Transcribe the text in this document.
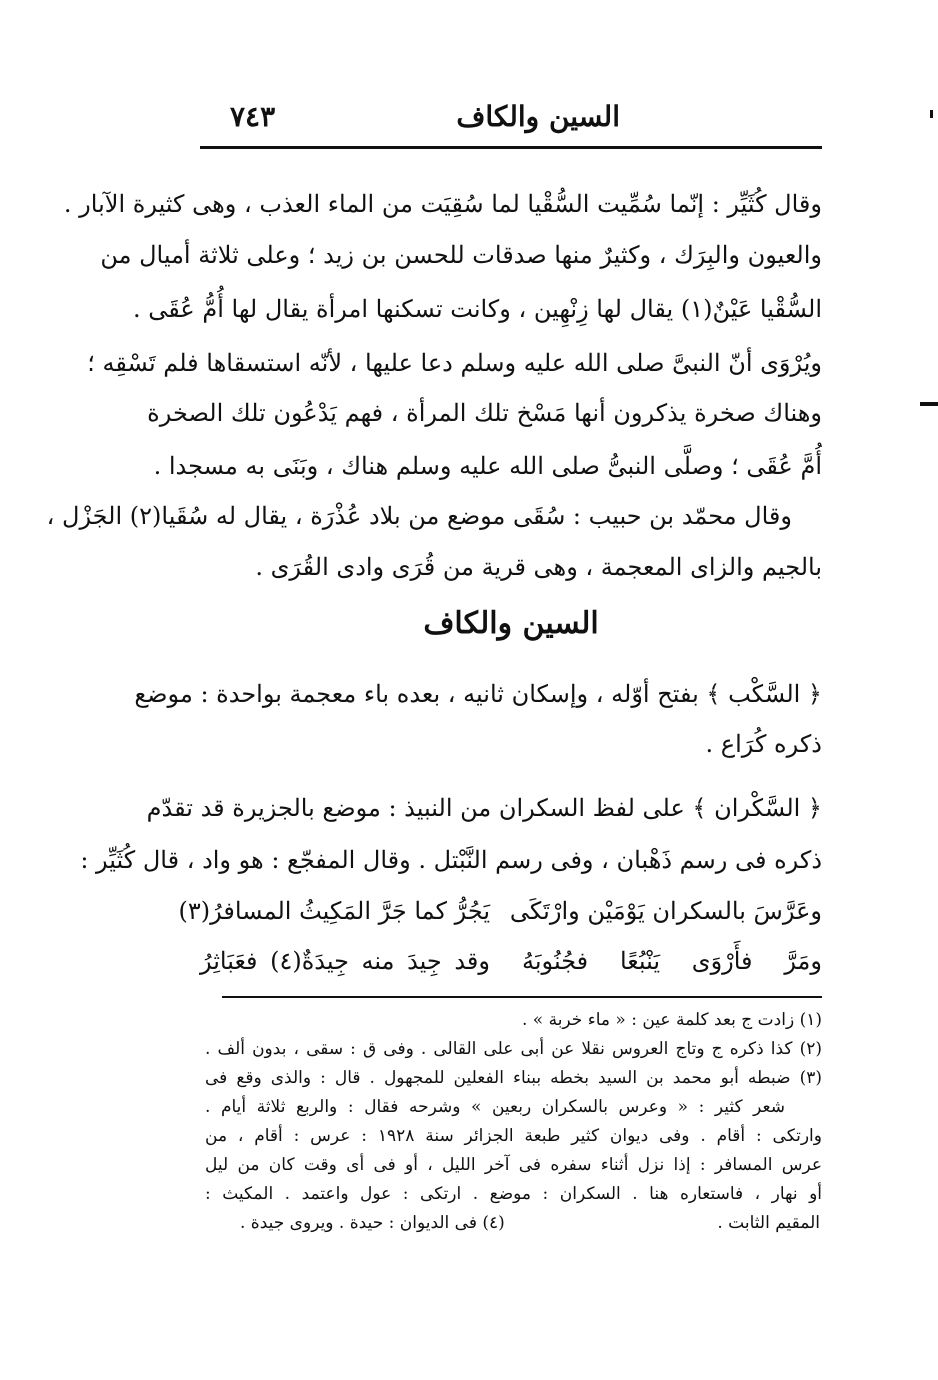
السين والكاف
٧٤٣
وقال كُثَيِّر : إنّما سُمِّيت السُّقْيا لما سُقِيَت من الماء العذب ، وهى كثيرة الآبار .
والعيون والبِرَك ، وكثيرٌ منها صدقات للحسن بن زيد ؛ وعلى ثلاثة أميال من
السُّقْيا عَيْنٌ(١) يقال لها زِنْهِين ، وكانت تسكنها امرأة يقال لها أُمُّ عُقَى .
ويُرْوَى أنّ النبىَّ صلى الله عليه وسلم دعا عليها ، لأنّه استسقاها فلم تَسْقِه ؛
وهناك صخرة يذكرون أنها مَسْخ تلك المرأة ، فهم يَدْعُون تلك الصخرة
أُمَّ عُقَى ؛ وصلَّى النبىُّ صلى الله عليه وسلم هناك ، وبَنَى به مسجدا .
وقال محمّد بن حبيب : سُقَى موضع من بلاد عُذْرَة ، يقال له سُقَيا(٢) الجَزْل ،
بالجيم والزاى المعجمة ، وهى قرية من قُرَى وادى القُرَى .
السين والكاف
﴿ السَّكْب ﴾ بفتح أوّله ، وإسكان ثانيه ، بعده باء معجمة بواحدة : موضع
ذكره كُرَاع .
﴿ السَّكْران ﴾ على لفظ السكران من النبيذ : موضع بالجزيرة قد تقدّم
ذكره فى رسم ذَهْبان ، وفى رسم النَّبْتل . وقال المفجّع : هو واد ، قال كُثَيِّر :
وعَرَّسَ بالسكران يَوْمَيْن وارْتَكَى
يَجُرُّ كما جَرَّ المَكِيثُ المسافرُ(٣)
ومَرَّ فأَرْوَى يَنْبُعًا فجُنُوبَهُ
وقد جِيدَ منه جِيدَةٌ(٤) فعَبَاثِرُ
(١) زادت ج بعد كلمة عين : « ماء خربة » .
(٢) كذا ذكره ج وتاج العروس نقلا عن أبى على القالى . وفى ق : سقى ، بدون ألف .
(٣) ضبطه أبو محمد بن السيد بخطه ببناء الفعلين للمجهول . قال : والذى وقع فى
شعر كثير : « وعرس بالسكران ربعين » وشرحه فقال : والربع ثلاثة أيام .
وارتكى : أقام . وفى ديوان كثير طبعة الجزائر سنة ١٩٢٨ : عرس : أقام ، من
عرس المسافر : إذا نزل أثناء سفره فى آخر الليل ، أو فى أى وقت كان من ليل
أو نهار ، فاستعاره هنا . السكران : موضع . ارتكى : عول واعتمد . المكيث :
المقيم الثابت .
(٤) فى الديوان : حيدة . ويروى جيدة .
